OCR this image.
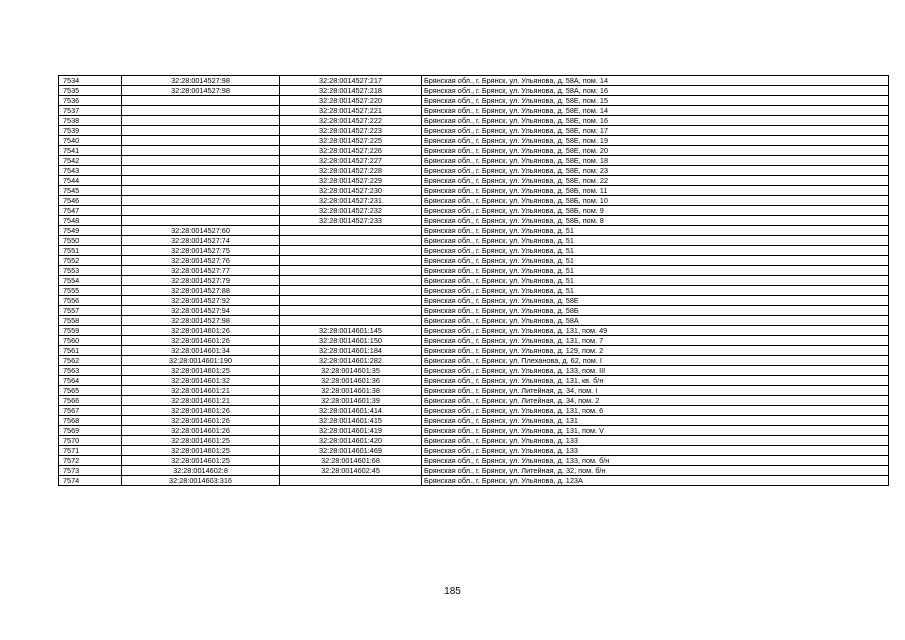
7534	32:28:0014527:98	32:28:0014527:217	Брянская обл., г. Брянск, ул. Ульянова, д. 58А, пом. 14
7535	32:28:0014527:98	32:28:0014527:218	Брянская обл., г. Брянск, ул. Ульянова, д. 58А, пом. 16
7536		32:28:0014527:220	Брянская обл., г. Брянск, ул. Ульянова, д. 58Е, пом. 15
7537		32:28:0014527:221	Брянская обл., г. Брянск, ул. Ульянова, д. 58Е, пом. 14
7538		32:28:0014527:222	Брянская обл., г. Брянск, ул. Ульянова, д. 58Е, пом. 16
7539		32:28:0014527:223	Брянская обл., г. Брянск, ул. Ульянова, д. 58Е, пом. 17
7540		32:28:0014527:225	Брянская обл., г. Брянск, ул. Ульянова, д. 58Е, пом. 19
7541		32:28:0014527:226	Брянская обл., г. Брянск, ул. Ульянова, д. 58Е, пом. 20
7542		32:28:0014527:227	Брянская обл., г. Брянск, ул. Ульянова, д. 58Е, пом. 18
7543		32:28:0014527:228	Брянская обл., г. Брянск, ул. Ульянова, д. 58Е, пом. 23
7544		32:28:0014527:229	Брянская обл., г. Брянск, ул. Ульянова, д. 58Е, пом. 22
7545		32:28:0014527:230	Брянская обл., г. Брянск, ул. Ульянова, д. 58Б, пом. 11
7546		32:28:0014527:231	Брянская обл., г. Брянск, ул. Ульянова, д. 58Б, пом. 10
7547		32:28:0014527:232	Брянская обл., г. Брянск, ул. Ульянова, д. 58Б, пом. 9
7548		32:28:0014527:233	Брянская обл., г. Брянск, ул. Ульянова, д. 58Б, пом. 8
7549	32:28:0014527:60		Брянская обл., г. Брянск, ул. Ульянова, д. 51
7550	32:28:0014527:74		Брянская обл., г. Брянск, ул. Ульянова, д. 51
7551	32:28:0014527:75		Брянская обл., г. Брянск, ул. Ульянова, д. 51
7552	32:28:0014527:76		Брянская обл., г. Брянск, ул. Ульянова, д. 51
7553	32:28:0014527:77		Брянская обл., г. Брянск, ул. Ульянова, д. 51
7554	32:28:0014527:79		Брянская обл., г. Брянск, ул. Ульянова, д. 51
7555	32:28:0014527:88		Брянская обл., г. Брянск, ул. Ульянова, д. 51
7556	32:28:0014527:92		Брянская обл., г. Брянск, ул. Ульянова, д. 58Е
7557	32:28:0014527:94		Брянская обл., г. Брянск, ул. Ульянова, д. 58Б
7558	32:28:0014527:98		Брянская обл., г. Брянск, ул. Ульянова, д. 58А
7559	32:28:0014601:26	32:28:0014601:145	Брянская обл., г. Брянск, ул. Ульянова, д. 131, пом. 49
7560	32:28:0014601:26	32:28:0014601:150	Брянская обл., г. Брянск, ул. Ульянова, д. 131, пом. 7
7561	32:28:0014601:34	32:28:0014601:184	Брянская обл., г. Брянск, ул. Ульянова, д. 129, пом. 2
7562	32:28:0014601:190	32:28:0014601:282	Брянская обл., г. Брянск, ул. Плеханова, д. 62, пом. I
7563	32:28:0014601:25	32:28:0014601:35	Брянская обл., г. Брянск, ул. Ульянова, д. 133, пом. III
7564	32:28:0014601:32	32:28:0014601:36	Брянская обл., г. Брянск, ул. Ульянова, д. 131, кв. б/н
7565	32:28:0014601:21	32:28:0014601:38	Брянская обл., г. Брянск, ул. Литейная, д. 34, пом. I
7566	32:28:0014601:21	32:28:0014601:39	Брянская обл., г. Брянск, ул. Литейная, д. 34, пом. 2
7567	32:28:0014601:26	32:28:0014601:414	Брянская обл., г. Брянск, ул. Ульянова, д. 131, пом. 6
7568	32:28:0014601:26	32:28:0014601:415	Брянская обл., г. Брянск, ул. Ульянова, д. 131
7569	32:28:0014601:26	32:28:0014601:419	Брянская обл., г. Брянск, ул. Ульянова, д. 131, пом. V
7570	32:28:0014601:25	32:28:0014601:420	Брянская обл., г. Брянск, ул. Ульянова, д. 133
7571	32:28:0014601:25	32:28:0014601:469	Брянская обл., г. Брянск, ул. Ульянова, д. 133
7572	32:28:0014601:25	32:28:0014601:68	Брянская обл., г. Брянск, ул. Ульянова, д. 133, пом. б/н
7573	32:28:0014602:8	32:28:0014602:45	Брянская обл., г. Брянск, ул. Литейная, д. 32, пом. б/н
7574	32:28:0014603:316		Брянская обл., г. Брянск, ул. Ульянова, д. 123А
185
